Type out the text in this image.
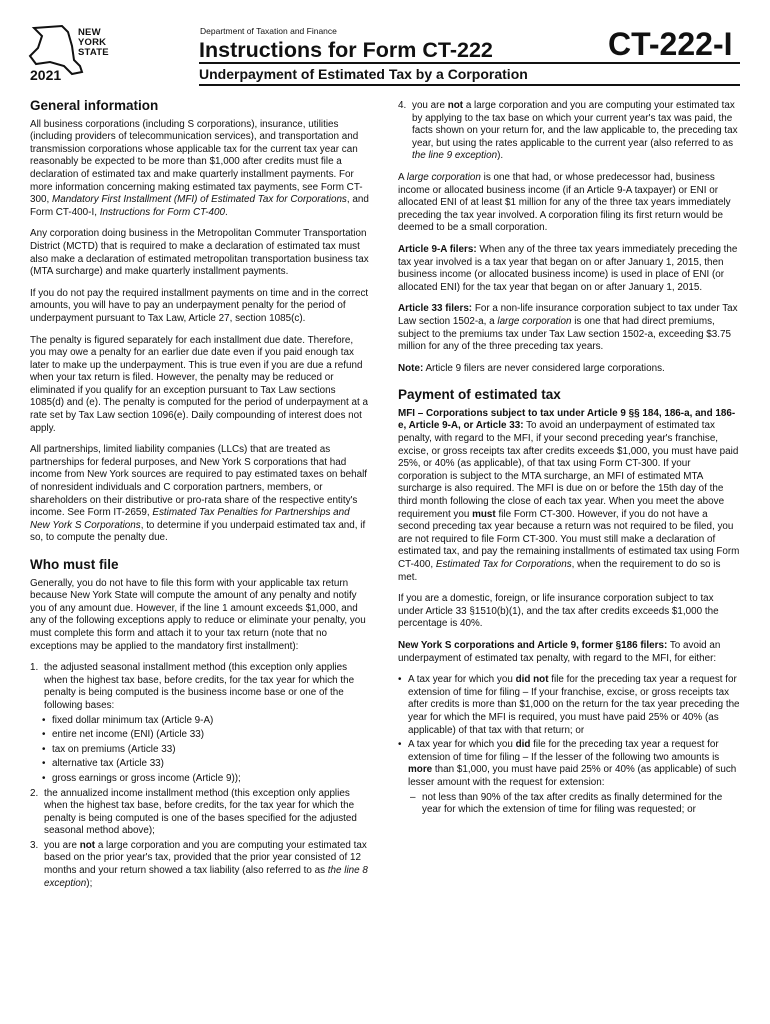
NEW
YORK
STATE
2021
Department of Taxation and Finance
Instructions for Form CT-222
Underpayment of Estimated Tax by a Corporation
CT-222-I
General information

All business corporations (including S corporations), insurance, utilities (including providers of telecommunication services), and transportation and transmission corporations whose applicable tax for the current tax year can reasonably be expected to be more than $1,000 after credits must file a declaration of estimated tax and make quarterly installment payments. For more information concerning making estimated tax payments, see Form CT-300, Mandatory First Installment (MFI) of Estimated Tax for Corporations, and Form CT-400-I, Instructions for Form CT-400.

Any corporation doing business in the Metropolitan Commuter Transportation District (MCTD) that is required to make a declaration of estimated tax must also make a declaration of estimated metropolitan transportation business tax (MTA surcharge) and make quarterly installment payments.

If you do not pay the required installment payments on time and in the correct amounts, you will have to pay an underpayment penalty for the period of underpayment pursuant to Tax Law, Article 27, section 1085(c).

The penalty is figured separately for each installment due date. Therefore, you may owe a penalty for an earlier due date even if you paid enough tax later to make up the underpayment. This is true even if you are due a refund when your tax return is filed. However, the penalty may be reduced or eliminated if you qualify for an exception pursuant to Tax Law sections 1085(d) and (e). The penalty is computed for the period of underpayment at a rate set by Tax Law section 1096(e). Daily compounding of interest does not apply.

All partnerships, limited liability companies (LLCs) that are treated as partnerships for federal purposes, and New York S corporations that had income from New York sources are required to pay estimated taxes on behalf of nonresident individuals and C corporation partners, members, or shareholders on their distributive or pro-rata share of the respective entity's income. See Form IT-2659, Estimated Tax Penalties for Partnerships and New York S Corporations, to determine if you underpaid estimated tax and, if so, to compute the penalty due.

Who must file

Generally, you do not have to file this form with your applicable tax return because New York State will compute the amount of any penalty and notify you of any amount due. However, if the line 1 amount exceeds $1,000, and any of the following exceptions apply to reduce or eliminate your penalty, you must complete this form and attach it to your tax return (note that no exceptions may be applied to the mandatory first installment):

1. the adjusted seasonal installment method (this exception only applies when the highest tax base, before credits, for the tax year for which the penalty is being computed is the business income base or one of the following bases:
• fixed dollar minimum tax (Article 9-A)
• entire net income (ENI) (Article 33)
• tax on premiums (Article 33)
• alternative tax (Article 33)
• gross earnings or gross income (Article 9));
2. the annualized income installment method (this exception only applies when the highest tax base, before credits, for the tax year for which the penalty is being computed is one of the bases specified for the adjusted seasonal method above);
3. you are not a large corporation and you are computing your estimated tax based on the prior year's tax, provided that the prior year consisted of 12 months and your return showed a tax liability (also referred to as the line 8 exception);
4. you are not a large corporation and you are computing your estimated tax by applying to the tax base on which your current year's tax was paid, the facts shown on your return for, and the law applicable to, the preceding tax year, but using the rates applicable to the current year (also referred to as the line 9 exception).

A large corporation is one that had, or whose predecessor had, business income or allocated business income (if an Article 9-A taxpayer) or ENI or allocated ENI of at least $1 million for any of the three tax years immediately preceding the tax year involved. A corporation filing its first return would be deemed to be a small corporation.

Article 9-A filers: When any of the three tax years immediately preceding the tax year involved is a tax year that began on or after January 1, 2015, then business income (or allocated business income) is used in place of ENI (or allocated ENI) for the tax year that began on or after January 1, 2015.

Article 33 filers: For a non-life insurance corporation subject to tax under Tax Law section 1502-a, a large corporation is one that had direct premiums, subject to the premiums tax under Tax Law section 1502-a, exceeding $3.75 million for any of the three preceding tax years.

Note: Article 9 filers are never considered large corporations.

Payment of estimated tax

MFI – Corporations subject to tax under Article 9 §§ 184, 186-a, and 186-e, Article 9-A, or Article 33: To avoid an underpayment of estimated tax penalty, with regard to the MFI, if your second preceding year's franchise, excise, or gross receipts tax after credits exceeds $1,000, you must have paid 25%, or 40% (as applicable), of that tax using Form CT-300. If your corporation is subject to the MTA surcharge, an MFI of estimated MTA surcharge is also required. The MFI is due on or before the 15th day of the third month following the close of each tax year. When you meet the above requirement you must file Form CT-300. However, if you do not have a second preceding tax year because a return was not required to be filed, you are not required to file Form CT-300. You must still make a declaration of estimated tax, and pay the remaining installments of estimated tax using Form CT-400, Estimated Tax for Corporations, when the requirement to do so is met.

If you are a domestic, foreign, or life insurance corporation subject to tax under Article 33 §1510(b)(1), and the tax after credits exceeds $1,000 the percentage is 40%.

New York S corporations and Article 9, former §186 filers: To avoid an underpayment of estimated tax penalty, with regard to the MFI, for either:

• A tax year for which you did not file for the preceding tax year a request for extension of time for filing – If your franchise, excise, or gross receipts tax after credits is more than $1,000 on the return for the tax year preceding the year for which the MFI is required, you must have paid 25% or 40% (as applicable) of that tax with that return; or
• A tax year for which you did file for the preceding tax year a request for extension of time for filing – If the lesser of the following two amounts is more than $1,000, you must have paid 25% or 40% (as applicable) of such lesser amount with the request for extension:
– not less than 90% of the tax after credits as finally determined for the year for which the extension of time for filing was requested; or
